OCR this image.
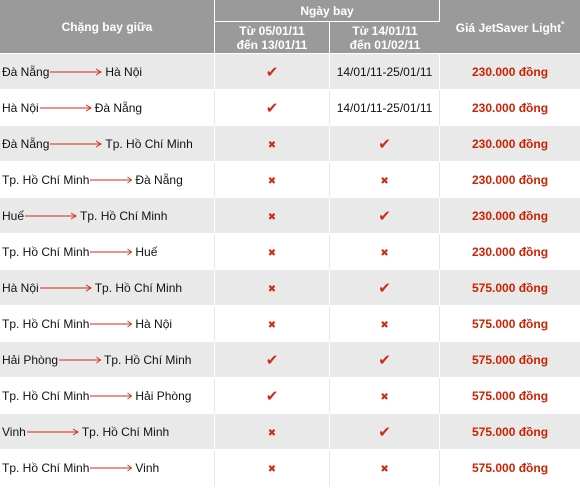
Chặng bay giữa	Ngày bay		Giá JetSaver Light*
	Từ 05/01/11 đến 13/01/11	Từ 14/01/11 đến 01/02/11	
Đà Nẵng Hà Nội	✔	14/01/11-25/01/11	230.000 đồng
Hà Nội Đà Nẵng	✔	14/01/11-25/01/11	230.000 đồng
Đà Nẵng Tp. Hồ Chí Minh	✖	✔	230.000 đồng
Tp. Hồ Chí Minh Đà Nẵng	✖	✖	230.000 đồng
Huế Tp. Hồ Chí Minh	✖	✔	230.000 đồng
Tp. Hồ Chí Minh Huế	✖	✖	230.000 đồng
Hà Nội Tp. Hồ Chí Minh	✖	✔	575.000 đồng
Tp. Hồ Chí Minh Hà Nội	✖	✖	575.000 đồng
Hải Phòng Tp. Hồ Chí Minh	✔	✔	575.000 đồng
Tp. Hồ Chí Minh Hải Phòng	✔	✖	575.000 đồng
Vinh Tp. Hồ Chí Minh	✖	✔	575.000 đồng
Tp. Hồ Chí Minh Vinh	✖	✖	575.000 đồng
